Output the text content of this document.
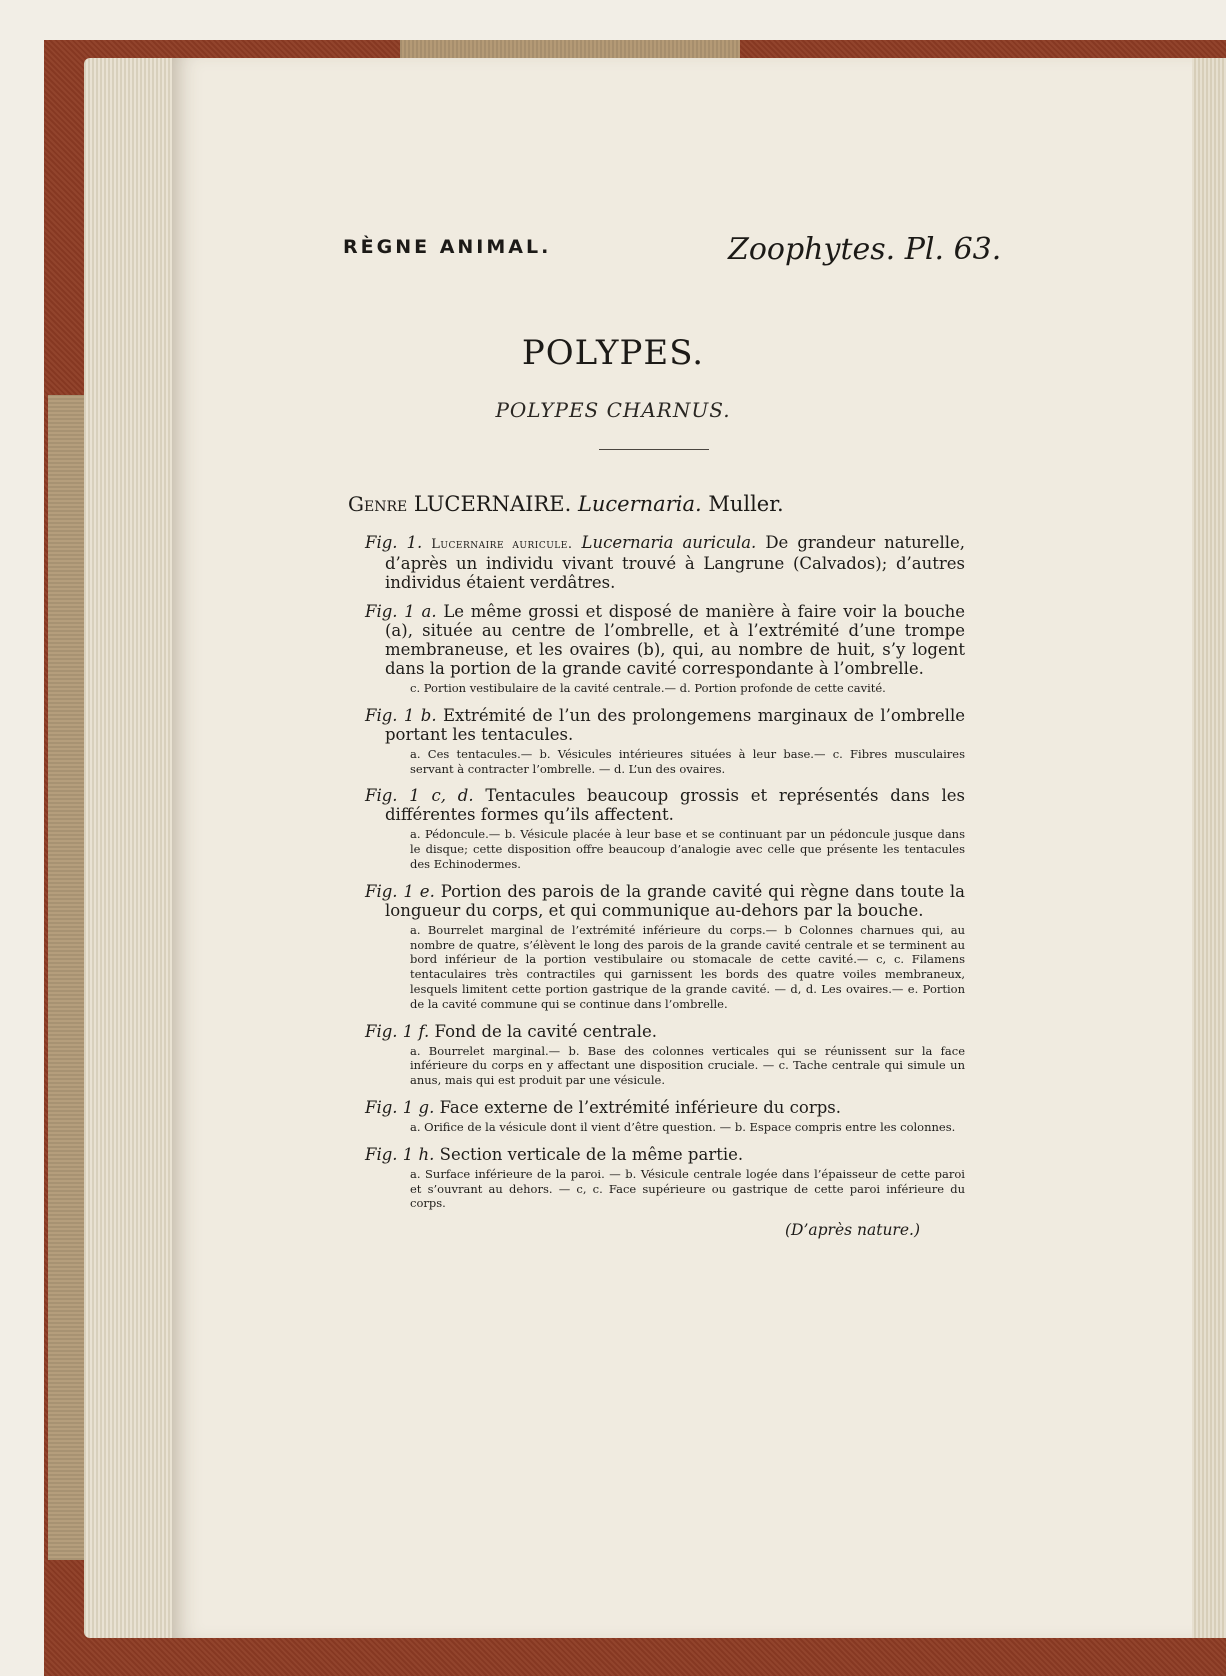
RÈGNE ANIMAL.	Zoophytes. Pl. 63.
POLYPES.
POLYPES CHARNUS.
Genre LUCERNAIRE. Lucernaria. Muller.
Fig. 1. Lucernaire auricule. Lucernaria auricula. De grandeur naturelle, d’après un individu vivant trouvé à Langrune (Calvados); d’autres individus étaient verdâtres.
Fig. 1 a. Le même grossi et disposé de manière à faire voir la bouche (a), située au centre de l’ombrelle, et à l’extrémité d’une trompe membraneuse, et les ovaires (b), qui, au nombre de huit, s’y logent dans la portion de la grande cavité correspondante à l’ombrelle.
c. Portion vestibulaire de la cavité centrale.— d. Portion profonde de cette cavité.
Fig. 1 b. Extrémité de l’un des prolongemens marginaux de l’ombrelle portant les tentacules.
a. Ces tentacules.— b. Vésicules intérieures situées à leur base.— c. Fibres musculaires servant à contracter l’ombrelle. — d. L’un des ovaires.
Fig. 1 c, d. Tentacules beaucoup grossis et représentés dans les différentes formes qu’ils affectent.
a. Pédoncule.— b. Vésicule placée à leur base et se continuant par un pédoncule jusque dans le disque; cette disposition offre beaucoup d’analogie avec celle que présente les tentacules des Echinodermes.
Fig. 1 e. Portion des parois de la grande cavité qui règne dans toute la longueur du corps, et qui communique au-dehors par la bouche.
a. Bourrelet marginal de l’extrémité inférieure du corps.— b Colonnes charnues qui, au nombre de quatre, s’élèvent le long des parois de la grande cavité centrale et se terminent au bord inférieur de la portion vestibulaire ou stomacale de cette cavité.— c, c. Filamens tentaculaires très contractiles qui garnissent les bords des quatre voiles membraneux, lesquels limitent cette portion gastrique de la grande cavité. — d, d. Les ovaires.— e. Portion de la cavité commune qui se continue dans l’ombrelle.
Fig. 1 f. Fond de la cavité centrale.
a. Bourrelet marginal.— b. Base des colonnes verticales qui se réunissent sur la face inférieure du corps en y affectant une disposition cruciale. — c. Tache centrale qui simule un anus, mais qui est produit par une vésicule.
Fig. 1 g. Face externe de l’extrémité inférieure du corps.
a. Orifice de la vésicule dont il vient d’être question. — b. Espace compris entre les colonnes.
Fig. 1 h. Section verticale de la même partie.
a. Surface inférieure de la paroi. — b. Vésicule centrale logée dans l’épaisseur de cette paroi et s’ouvrant au dehors. — c, c. Face supérieure ou gastrique de cette paroi inférieure du corps.
(D’après nature.)
